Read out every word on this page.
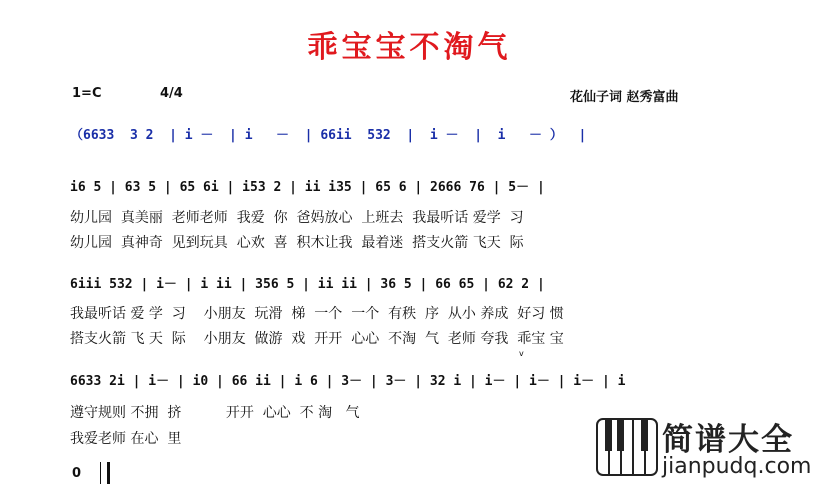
乖宝宝不淘气
1=C	4/4	花仙子词 赵秀富曲
（6633  3 2  | i －  | i   －  | 66ii  532  |  i －  |  i   － ）  |
i6 5 | 63 5 | 65 6i | i53 2 | ii i35 | 65 6 | 2666 76 | 5－ |
幼儿园  真美丽  老师老师  我爱  你  爸妈放心  上班去  我最听话 爱学  习
幼儿园  真神奇  见到玩具  心欢  喜  积木让我  最着迷  搭支火箭 飞天  际
6iii 532 | i－ | i ii | 356 5 | ii ii | 36 5 | 66 65 | 62 2 |
我最听话 爱 学  习    小朋友  玩滑  梯  一个  一个  有秩  序  从小 养成  好习 惯
搭支火箭 飞 天  际    小朋友  做游  戏  开开  心心  不淘  气  老师 夸我  乖宝 宝
v
6633 2i | i－ | i0 | 66 ii | i 6 | 3－ | 3－ | 32 i | i－ | i－ | i－ | i
遵守规则 不拥  挤          开开  心心  不 淘   气
我爱老师 在心  里
0
简谱大全
jianpudq.com
